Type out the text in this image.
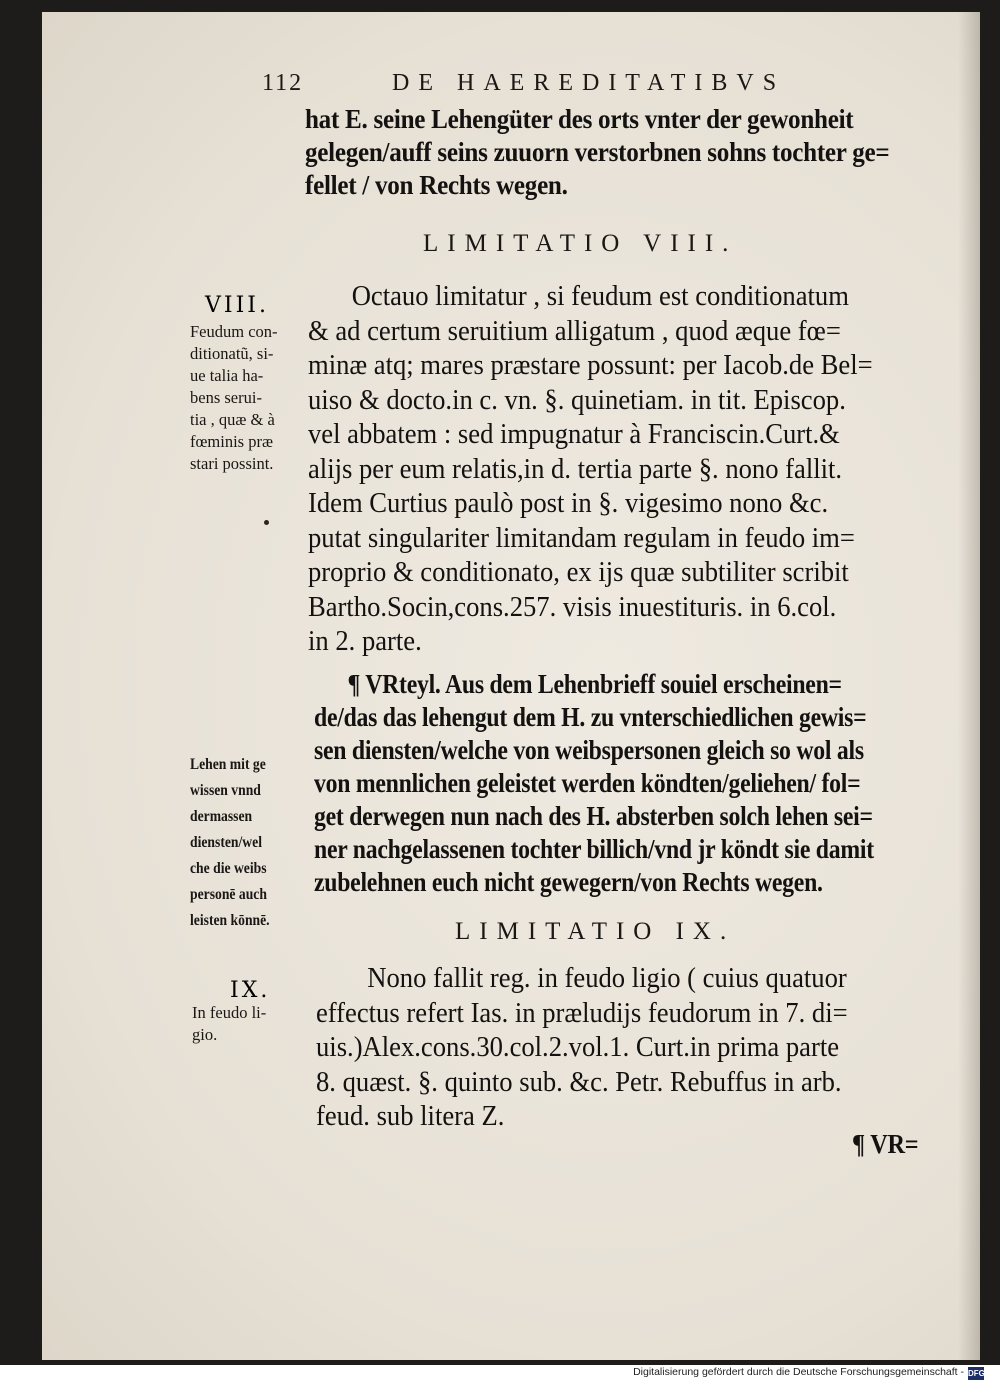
112	DE HAEREDITATIBVS
hat E. seine Lehengüter des orts vnter der gewonheit
gelegen/auff seins zuuorn verstorbnen sohns tochter ge=
fellet / von Rechts wegen.
LIMITATIO VIII.
VIII.
Feudum con-
ditionatũ, si-
ue talia ha-
bens serui-
tia , quæ & à
fœminis præ
stari possint.
Octauo limitatur , si feudum est conditionatum
& ad certum seruitium alligatum , quod æque fœ=
minæ atq; mares præstare possunt: per Iacob.de Bel=
uiso & docto.in c. vn. §. quinetiam. in tit. Episcop.
vel abbatem : sed impugnatur à Franciscin.Curt.&
alijs per eum relatis,in d. tertia parte §. nono fallit.
Idem Curtius paulò post in §. vigesimo nono &c.
putat singulariter limitandam regulam in feudo im=
proprio & conditionato, ex ijs quæ subtiliter scribit
Bartho.Socin,cons.257. visis inuestituris. in 6.col.
in 2. parte.
¶ VRteyl. Aus dem Lehenbrieff souiel erscheinen=
de/das das lehengut dem H. zu vnterschiedlichen gewis=
sen diensten/welche von weibspersonen gleich so wol als
von mennlichen geleistet werden köndten/geliehen/ fol=
get derwegen nun nach des H. absterben solch lehen sei=
ner nachgelassenen tochter billich/vnd jr köndt sie damit
zubelehnen euch nicht gewegern/von Rechts wegen.
Lehen mit ge
wissen vnnd
dermassen
diensten/wel
che die weibs
personē auch
leisten kōnnē.	LIMITATIO IX.
IX.
In feudo li-
gio.
Nono fallit reg. in feudo ligio ( cuius quatuor
effectus refert Ias. in præludijs feudorum in 7. di=
uis.)Alex.cons.30.col.2.vol.1. Curt.in prima parte
8. quæst. §. quinto sub. &c. Petr. Rebuffus in arb.
feud. sub litera Z.
¶ VR=
Digitalisierung gefördert durch die Deutsche Forschungsgemeinschaft - DFG
